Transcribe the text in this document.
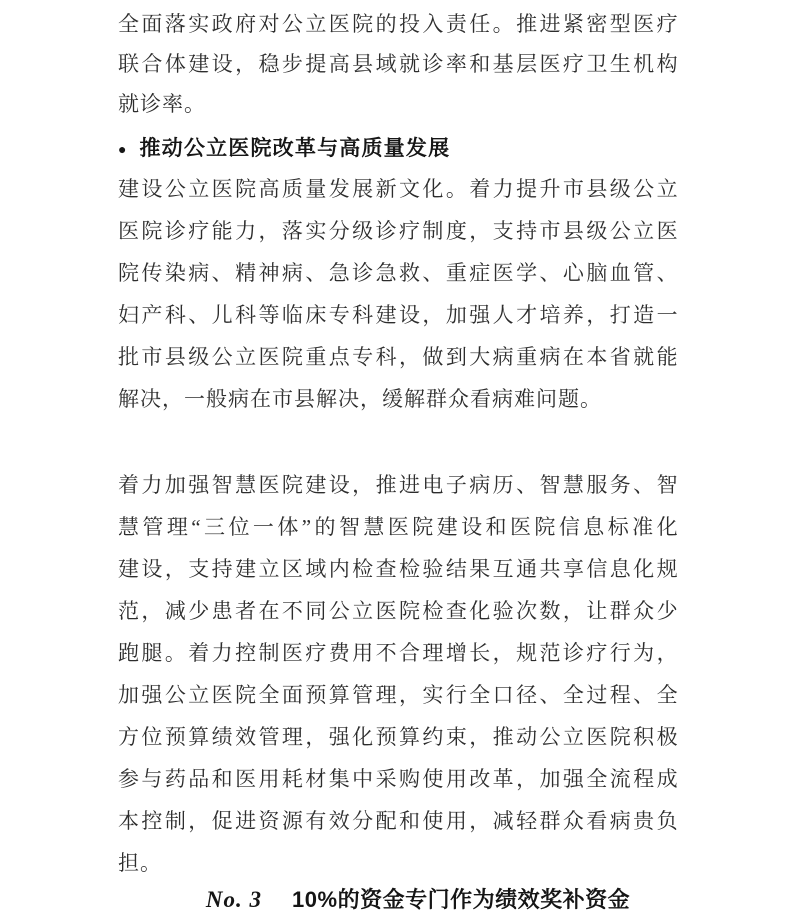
全面落实政府对公立医院的投入责任。推进紧密型医疗
联合体建设，稳步提高县域就诊率和基层医疗卫生机构
就诊率。
● 推动公立医院改革与高质量发展
建设公立医院高质量发展新文化。着力提升市县级公立
医院诊疗能力，落实分级诊疗制度，支持市县级公立医
院传染病、精神病、急诊急救、重症医学、心脑血管、
妇产科、儿科等临床专科建设，加强人才培养，打造一
批市县级公立医院重点专科，做到大病重病在本省就能
解决，一般病在市县解决，缓解群众看病难问题。
着力加强智慧医院建设，推进电子病历、智慧服务、智
慧管理“三位一体”的智慧医院建设和医院信息标准化
建设，支持建立区域内检查检验结果互通共享信息化规
范，减少患者在不同公立医院检查化验次数，让群众少
跑腿。着力控制医疗费用不合理增长，规范诊疗行为，
加强公立医院全面预算管理，实行全口径、全过程、全
方位预算绩效管理，强化预算约束，推动公立医院积极
参与药品和医用耗材集中采购使用改革，加强全流程成
本控制，促进资源有效分配和使用，减轻群众看病贵负
担。
No. 3 10%的资金专门作为绩效奖补资金
